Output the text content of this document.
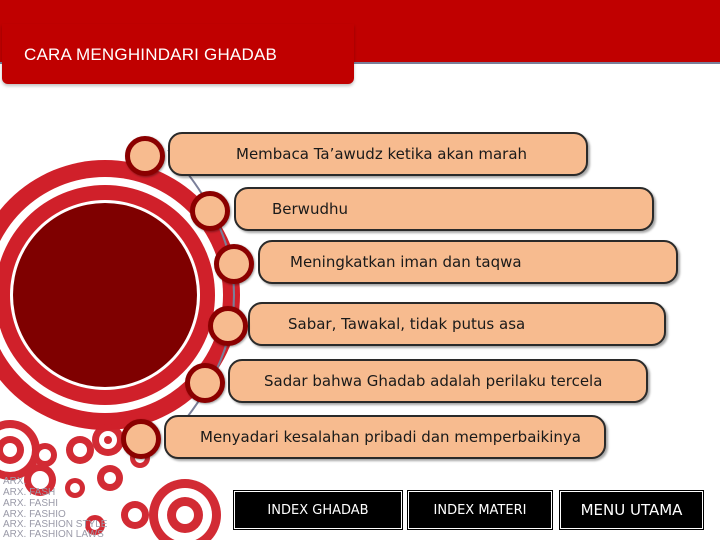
CARA MENGHINDARI GHADAB
ARX.
ARX. FASH
ARX. FASHI
ARX. FASHIO
ARX. FASHION STYLE
ARX. FASHION LAWS
Membaca Ta’awudz ketika akan marah
Berwudhu
Meningkatkan iman dan taqwa
Sabar, Tawakal, tidak putus asa
Sadar bahwa Ghadab adalah perilaku tercela
Menyadari kesalahan pribadi dan memperbaikinya
INDEX GHADAB	INDEX MATERI	MENU UTAMA
